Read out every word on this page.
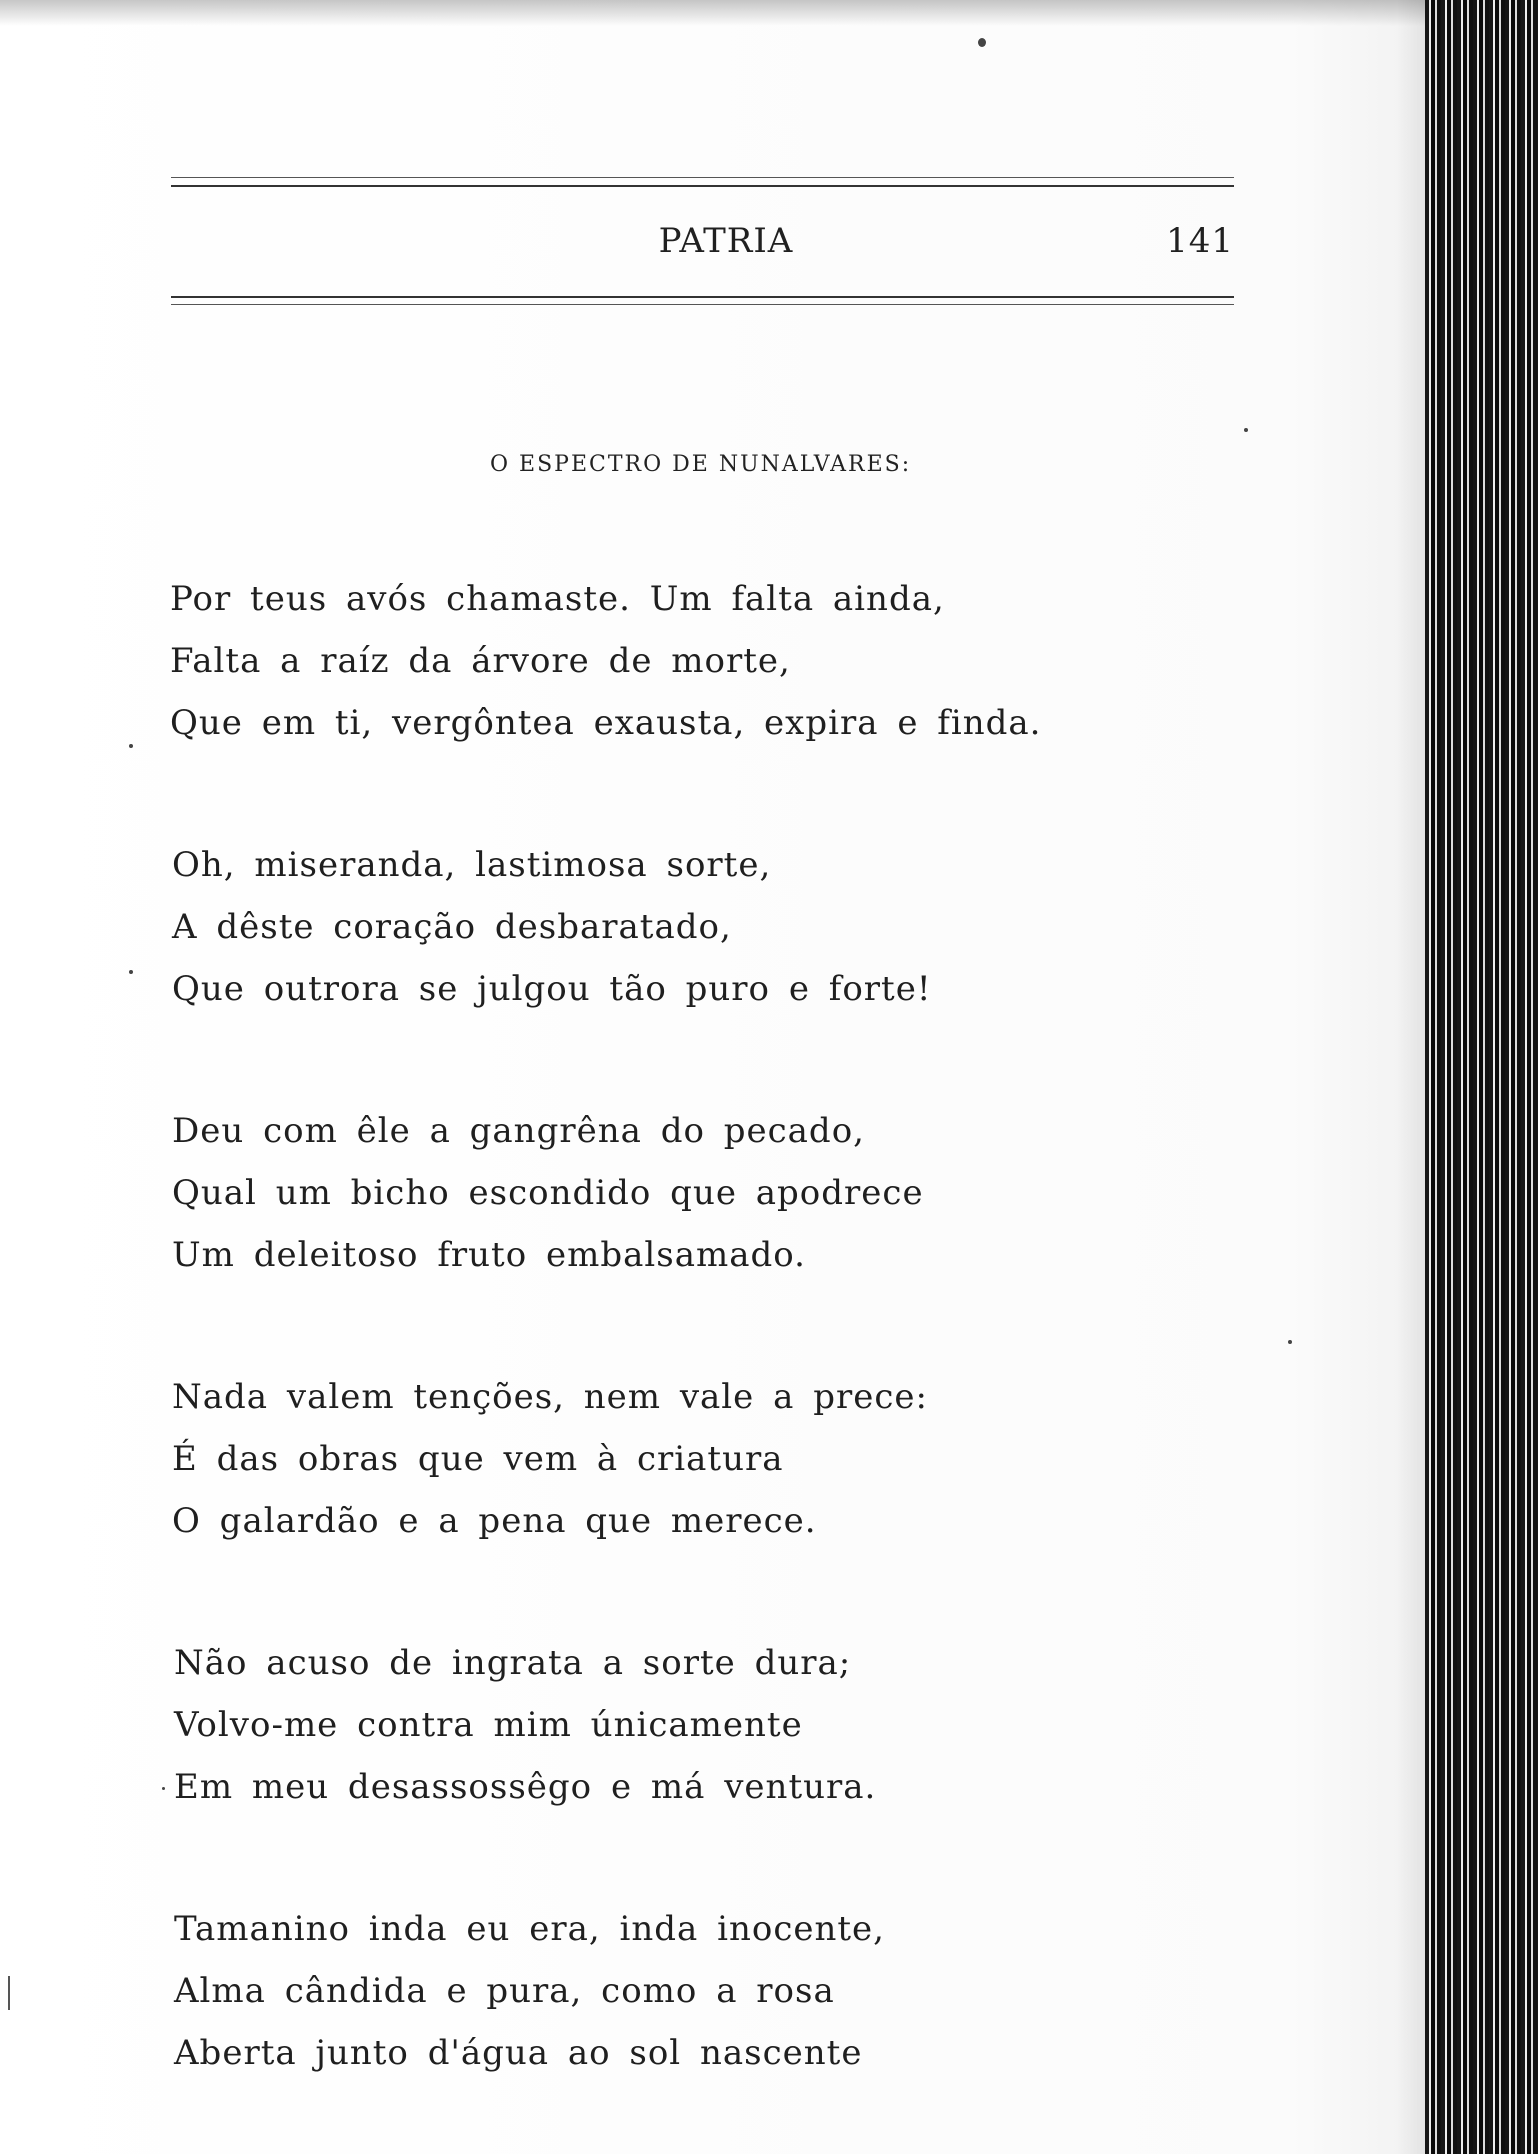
PATRIA	141
O ESPECTRO DE NUNALVARES:
Por teus avós chamaste. Um falta ainda,
Falta a raíz da árvore de morte,
Que em ti, vergôntea exausta, expira e finda.
Oh, miseranda, lastimosa sorte,
A dêste coração desbaratado,
Que outrora se julgou tão puro e forte!
Deu com êle a gangrêna do pecado,
Qual um bicho escondido que apodrece
Um deleitoso fruto embalsamado.
Nada valem tenções, nem vale a prece:
É das obras que vem à criatura
O galardão e a pena que merece.
Não acuso de ingrata a sorte dura;
Volvo-me contra mim únicamente
Em meu desassossêgo e má ventura.
Tamanino inda eu era, inda inocente,
Alma cândida e pura, como a rosa
Aberta junto d'água ao sol nascente
